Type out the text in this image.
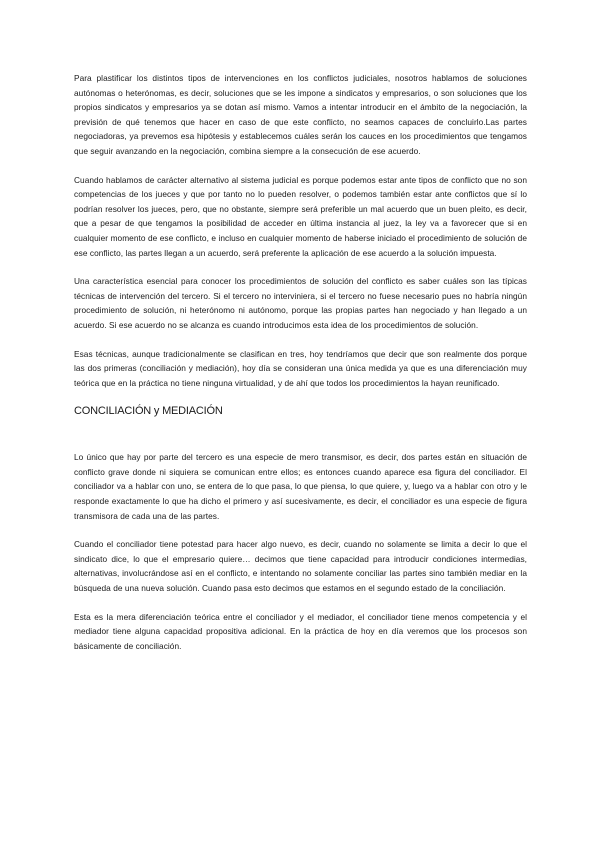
Para plastificar los distintos tipos de intervenciones en los conflictos judiciales, nosotros hablamos de soluciones autónomas o heterónomas, es decir, soluciones que se les impone a sindicatos y empresarios, o son soluciones que los propios sindicatos y empresarios ya se dotan así mismo. Vamos a intentar introducir en el ámbito de la negociación, la previsión de qué tenemos que hacer en caso de que este conflicto, no seamos capaces de concluirlo.Las partes negociadoras, ya prevemos esa hipótesis y establecemos cuáles serán los cauces en los procedimientos que tengamos que seguir avanzando en la negociación, combina siempre a la consecución de ese acuerdo.

Cuando hablamos de carácter alternativo al sistema judicial es porque podemos estar ante tipos de conflicto que no son competencias de los jueces y que por tanto no lo pueden resolver, o podemos también estar ante conflictos que sí lo podrían resolver los jueces, pero, que no obstante, siempre será preferible un mal acuerdo que un buen pleito, es decir, que a pesar de que tengamos la posibilidad de acceder en última instancia al juez, la ley va a favorecer que si en cualquier momento de ese conflicto, e incluso en cualquier momento de haberse iniciado el procedimiento de solución de ese conflicto, las partes llegan a un acuerdo, será preferente la aplicación de ese acuerdo a la solución impuesta.

Una característica esencial para conocer los procedimientos de solución del conflicto es saber cuáles son las típicas técnicas de intervención del tercero. Si el tercero no interviniera, si el tercero no fuese necesario pues no habría ningún procedimiento de solución, ni heterónomo ni autónomo, porque las propias partes han negociado y han llegado a un acuerdo. Si ese acuerdo no se alcanza es cuando introducimos esta idea de los procedimientos de solución.

Esas técnicas, aunque tradicionalmente se clasifican en tres, hoy tendríamos que decir que son realmente dos porque las dos primeras (conciliación y mediación), hoy día se consideran una única medida ya que es una diferenciación muy teórica que en la práctica no tiene ninguna virtualidad, y de ahí que todos los procedimientos la hayan reunificado.

CONCILIACIÓN y MEDIACIÓN

Lo único que hay por parte del tercero es una especie de mero transmisor, es decir, dos partes están en situación de conflicto grave donde ni siquiera se comunican entre ellos; es entonces cuando aparece esa figura del conciliador. El conciliador va a hablar con uno, se entera de lo que pasa, lo que piensa, lo que quiere, y, luego va a hablar con otro y le responde exactamente lo que ha dicho el primero y así sucesivamente, es decir, el conciliador es una especie de figura transmisora de cada una de las partes.

Cuando el conciliador tiene potestad para hacer algo nuevo, es decir, cuando no solamente se limita a decir lo que el sindicato dice, lo que el empresario quiere… decimos que tiene capacidad para introducir condiciones intermedias, alternativas, involucrándose así en el conflicto, e intentando no solamente conciliar las partes sino también mediar en la búsqueda de una nueva solución. Cuando pasa esto decimos que estamos en el segundo estado de la conciliación.

Esta es la mera diferenciación teórica entre el conciliador y el mediador, el conciliador tiene menos competencia y el mediador tiene alguna capacidad propositiva adicional. En la práctica de hoy en día veremos que los procesos son básicamente de conciliación.
